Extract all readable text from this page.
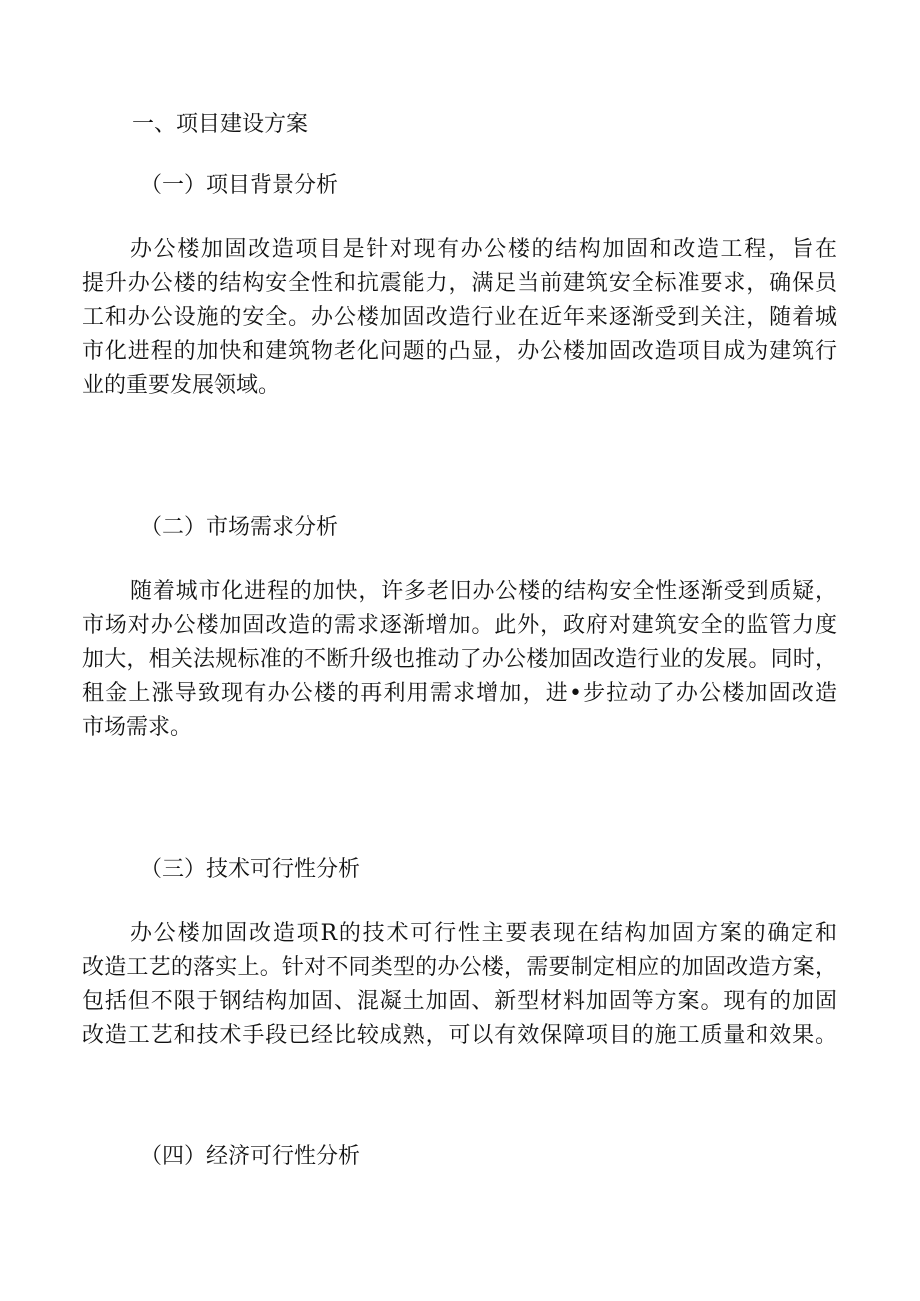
一、项目建设方案
（一）项目背景分析
办公楼加固改造项目是针对现有办公楼的结构加固和改造工程，旨在
提升办公楼的结构安全性和抗震能力，满足当前建筑安全标准要求，确保员
工和办公设施的安全。办公楼加固改造行业在近年来逐渐受到关注，随着城
市化进程的加快和建筑物老化问题的凸显，办公楼加固改造项目成为建筑行
业的重要发展领域。
（二）市场需求分析
随着城市化进程的加快，许多老旧办公楼的结构安全性逐渐受到质疑，
市场对办公楼加固改造的需求逐渐增加。此外，政府对建筑安全的监管力度
加大，相关法规标准的不断升级也推动了办公楼加固改造行业的发展。同时，
租金上涨导致现有办公楼的再利用需求增加，进•步拉动了办公楼加固改造
市场需求。
（三）技术可行性分析
办公楼加固改造项R的技术可行性主要表现在结构加固方案的确定和
改造工艺的落实上。针对不同类型的办公楼，需要制定相应的加固改造方案，
包括但不限于钢结构加固、混凝土加固、新型材料加固等方案。现有的加固
改造工艺和技术手段已经比较成熟，可以有效保障项目的施工质量和效果。
（四）经济可行性分析
